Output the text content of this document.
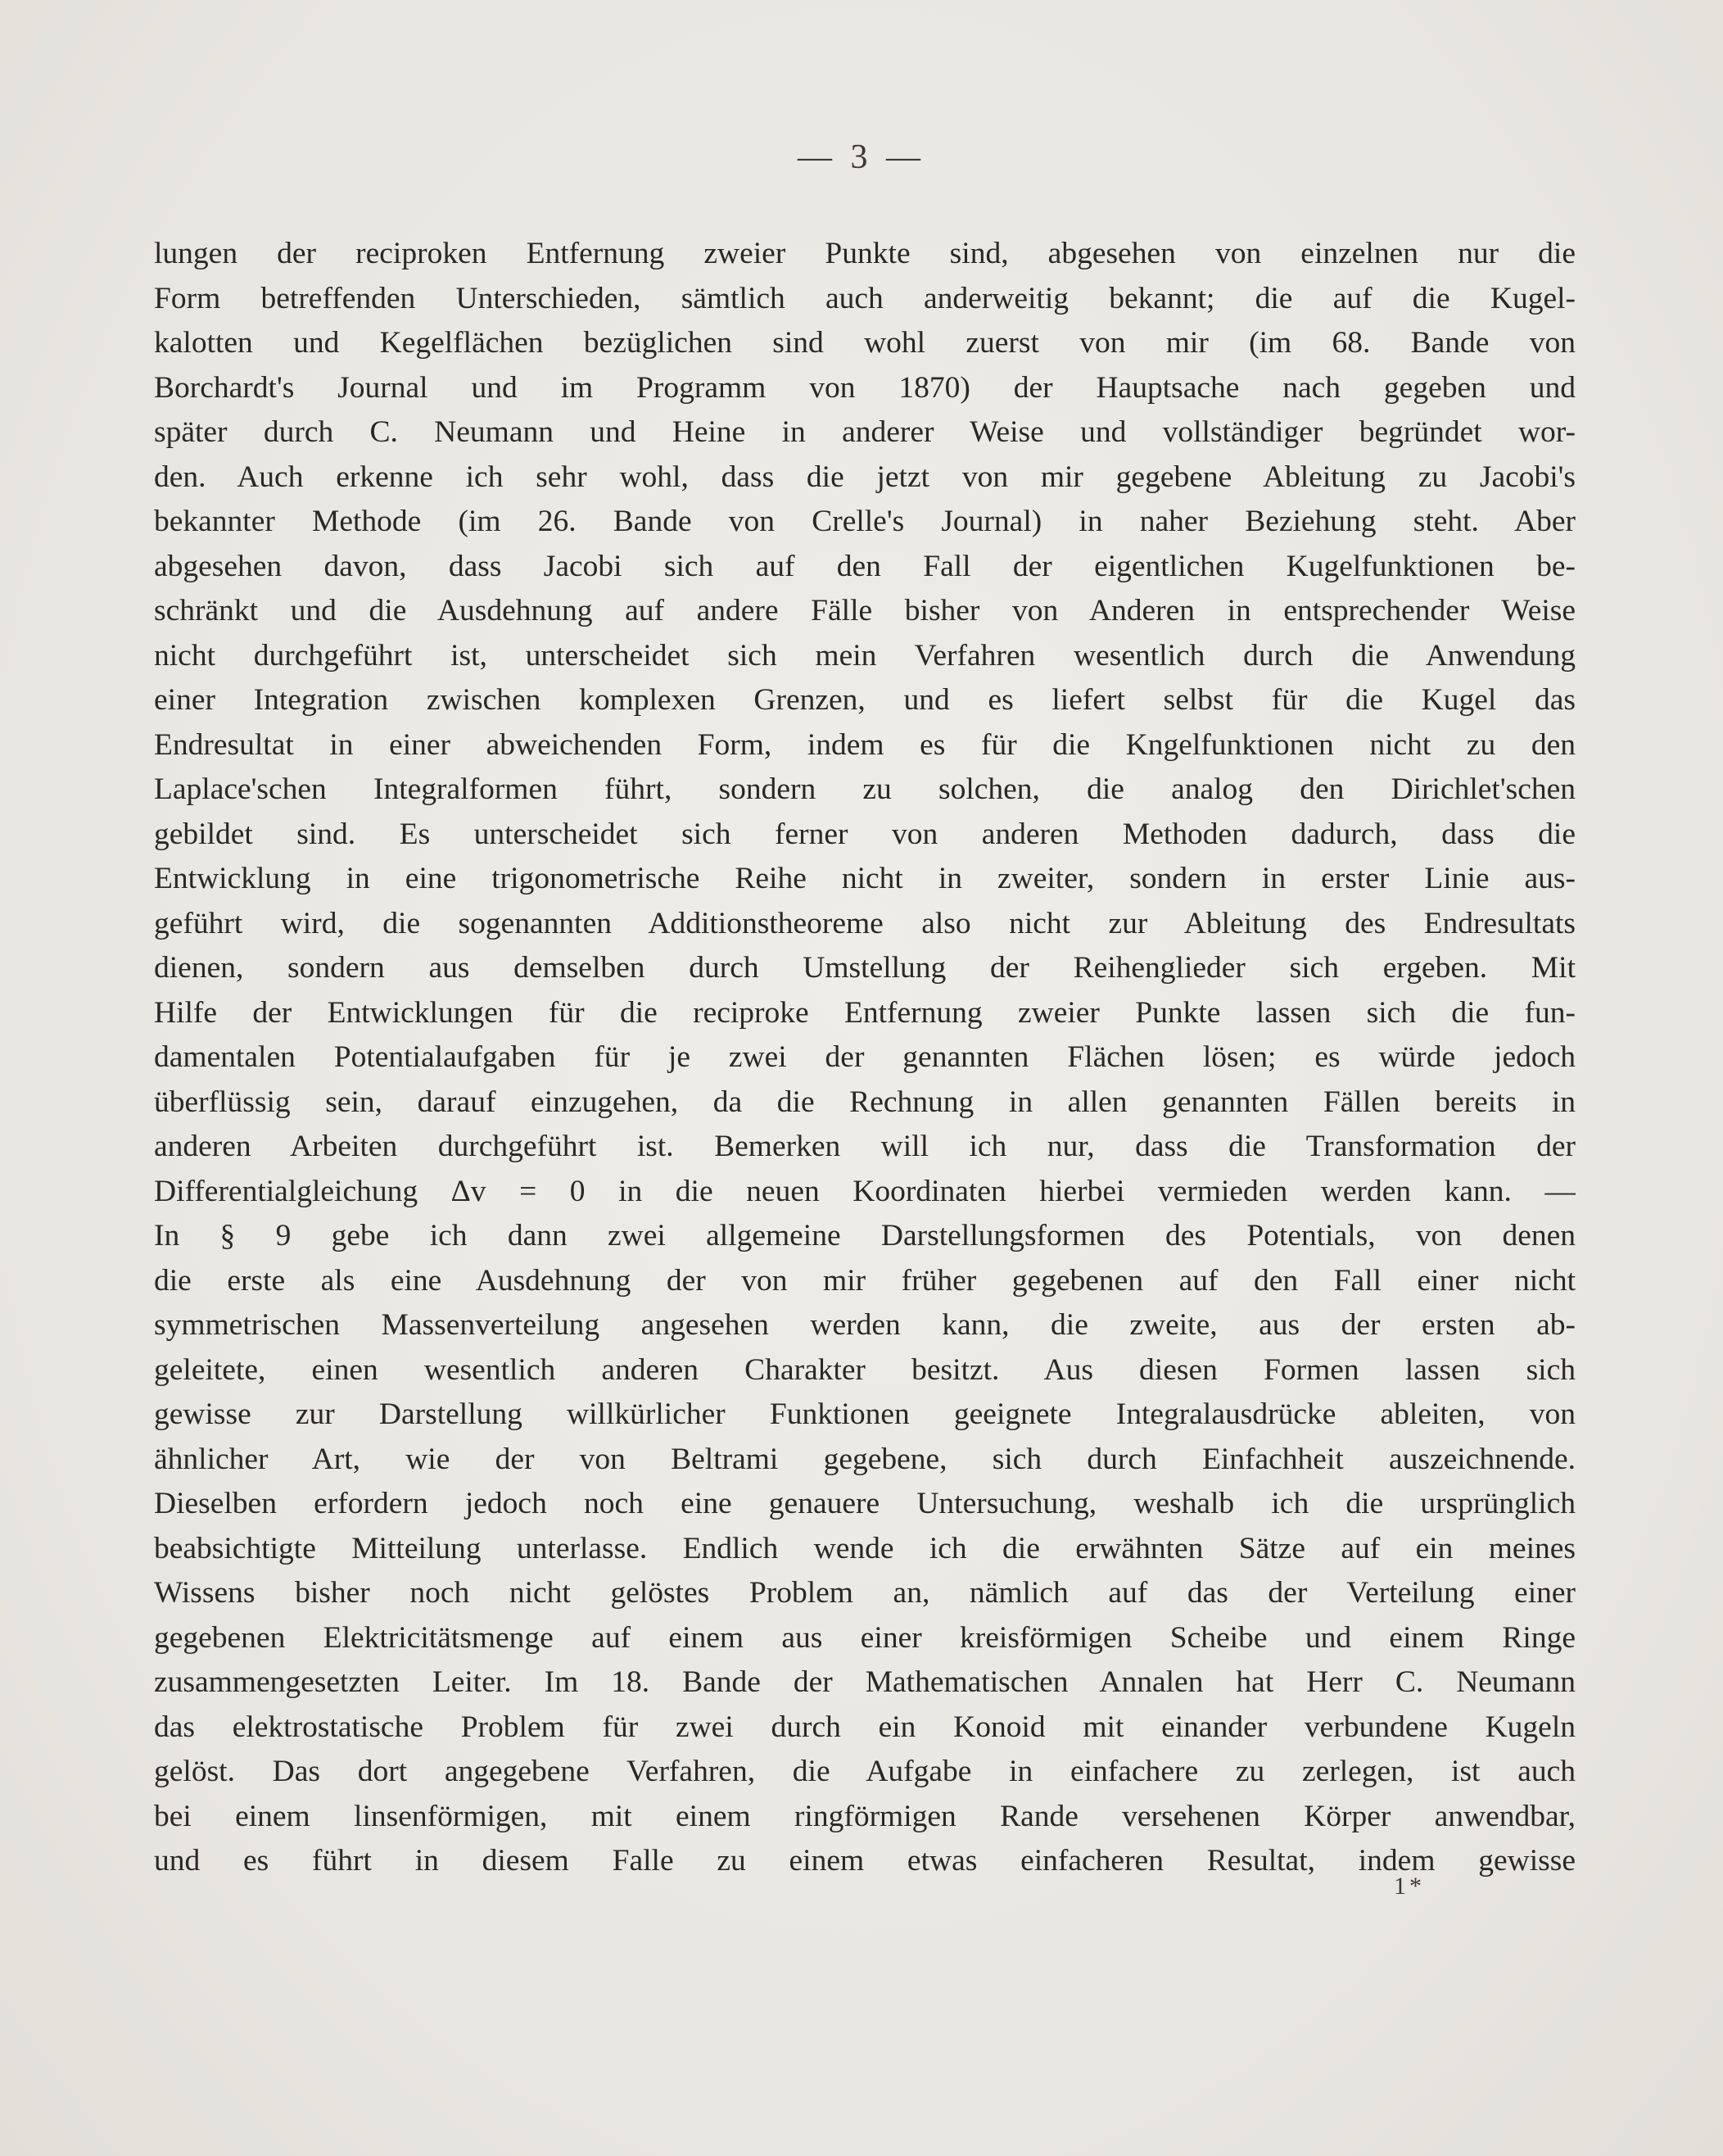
— 3 —
lungen der reciproken Entfernung zweier Punkte sind, abgesehen von einzelnen nur die
Form betreffenden Unterschieden, sämtlich auch anderweitig bekannt; die auf die Kugel-
kalotten und Kegelflächen bezüglichen sind wohl zuerst von mir (im 68. Bande von
Borchardt's Journal und im Programm von 1870) der Hauptsache nach gegeben und
später durch C. Neumann und Heine in anderer Weise und vollständiger begründet wor-
den. Auch erkenne ich sehr wohl, dass die jetzt von mir gegebene Ableitung zu Jacobi's
bekannter Methode (im 26. Bande von Crelle's Journal) in naher Beziehung steht. Aber
abgesehen davon, dass Jacobi sich auf den Fall der eigentlichen Kugelfunktionen be-
schränkt und die Ausdehnung auf andere Fälle bisher von Anderen in entsprechender Weise
nicht durchgeführt ist, unterscheidet sich mein Verfahren wesentlich durch die Anwendung
einer Integration zwischen komplexen Grenzen, und es liefert selbst für die Kugel das
Endresultat in einer abweichenden Form, indem es für die Kngelfunktionen nicht zu den
Laplace'schen Integralformen führt, sondern zu solchen, die analog den Dirichlet'schen
gebildet sind. Es unterscheidet sich ferner von anderen Methoden dadurch, dass die
Entwicklung in eine trigonometrische Reihe nicht in zweiter, sondern in erster Linie aus-
geführt wird, die sogenannten Additionstheoreme also nicht zur Ableitung des Endresultats
dienen, sondern aus demselben durch Umstellung der Reihenglieder sich ergeben. Mit
Hilfe der Entwicklungen für die reciproke Entfernung zweier Punkte lassen sich die fun-
damentalen Potentialaufgaben für je zwei der genannten Flächen lösen; es würde jedoch
überflüssig sein, darauf einzugehen, da die Rechnung in allen genannten Fällen bereits in
anderen Arbeiten durchgeführt ist. Bemerken will ich nur, dass die Transformation der
Differentialgleichung Δv = 0 in die neuen Koordinaten hierbei vermieden werden kann. —
In § 9 gebe ich dann zwei allgemeine Darstellungsformen des Potentials, von denen
die erste als eine Ausdehnung der von mir früher gegebenen auf den Fall einer nicht
symmetrischen Massenverteilung angesehen werden kann, die zweite, aus der ersten ab-
geleitete, einen wesentlich anderen Charakter besitzt. Aus diesen Formen lassen sich
gewisse zur Darstellung willkürlicher Funktionen geeignete Integralausdrücke ableiten, von
ähnlicher Art, wie der von Beltrami gegebene, sich durch Einfachheit auszeichnende.
Dieselben erfordern jedoch noch eine genauere Untersuchung, weshalb ich die ursprünglich
beabsichtigte Mitteilung unterlasse. Endlich wende ich die erwähnten Sätze auf ein meines
Wissens bisher noch nicht gelöstes Problem an, nämlich auf das der Verteilung einer
gegebenen Elektricitätsmenge auf einem aus einer kreisförmigen Scheibe und einem Ringe
zusammengesetzten Leiter. Im 18. Bande der Mathematischen Annalen hat Herr C. Neumann
das elektrostatische Problem für zwei durch ein Konoid mit einander verbundene Kugeln
gelöst. Das dort angegebene Verfahren, die Aufgabe in einfachere zu zerlegen, ist auch
bei einem linsenförmigen, mit einem ringförmigen Rande versehenen Körper anwendbar,
und es führt in diesem Falle zu einem etwas einfacheren Resultat, indem gewisse
1*
